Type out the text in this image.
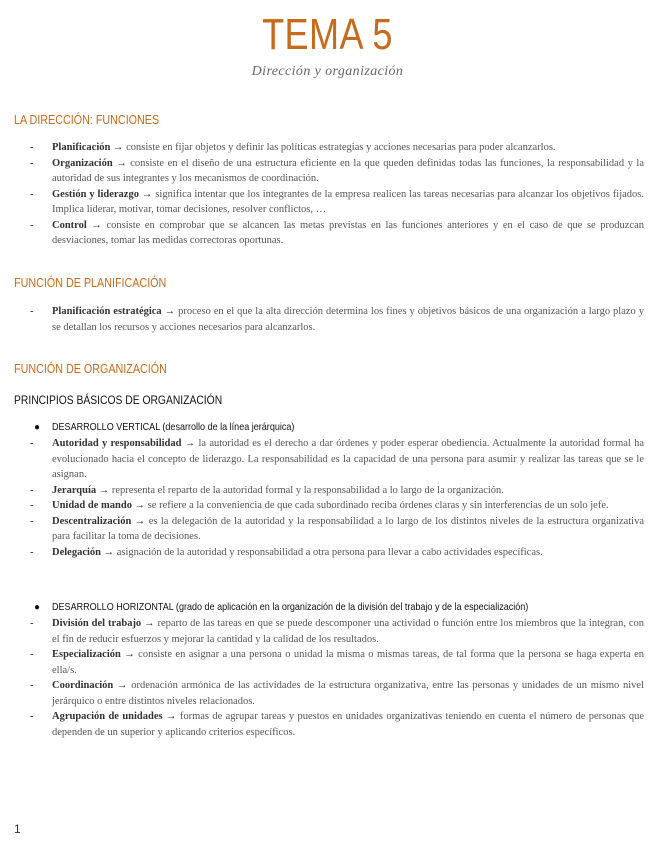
TEMA 5
Dirección y organización
LA DIRECCIÓN: FUNCIONES
- Planificación → consiste en fijar objetos y definir las políticas estrategias y acciones necesarias para poder alcanzarlos.
- Organización → consiste en el diseño de una estructura eficiente en la que queden definidas todas las funciones, la responsabilidad y la autoridad de sus integrantes y los mecanismos de coordinación.
- Gestión y liderazgo → significa intentar que los integrantes de la empresa realicen las tareas necesarias para alcanzar los objetivos fijados. Implica liderar, motivar, tomar decisiones, resolver conflictos, …
- Control → consiste en comprobar que se alcancen las metas previstas en las funciones anteriores y en el caso de que se produzcan desviaciones, tomar las medidas correctoras oportunas.
FUNCIÓN DE PLANIFICACIÓN
- Planificación estratégica → proceso en el que la alta dirección determina los fines y objetivos básicos de una organización a largo plazo y se detallan los recursos y acciones necesarios para alcanzarlos.
FUNCIÓN DE ORGANIZACIÓN
PRINCIPIOS BÁSICOS DE ORGANIZACIÓN
● DESARROLLO VERTICAL (desarrollo de la línea jerárquica)
- Autoridad y responsabilidad → la autoridad es el derecho a dar órdenes y poder esperar obediencia. Actualmente la autoridad formal ha evolucionado hacia el concepto de liderazgo. La responsabilidad es la capacidad de una persona para asumir y realizar las tareas que se le asignan.
- Jerarquía → representa el reparto de la autoridad formal y la responsabilidad a lo largo de la organización.
- Unidad de mando → se refiere a la conveniencia de que cada subordinado reciba órdenes claras y sin interferencias de un solo jefe.
- Descentralización → es la delegación de la autoridad y la responsabilidad a lo largo de los distintos niveles de la estructura organizativa para facilitar la toma de decisiones.
- Delegación → asignación de la autoridad y responsabilidad a otra persona para llevar a cabo actividades específicas.
● DESARROLLO HORIZONTAL (grado de aplicación en la organización de la división del trabajo y de la especialización)
- División del trabajo → reparto de las tareas en que se puede descomponer una actividad o función entre los miembros que la integran, con el fin de reducir esfuerzos y mejorar la cantidad y la calidad de los resultados.
- Especialización → consiste en asignar a una persona o unidad la misma o mismas tareas, de tal forma que la persona se haga experta en ella/s.
- Coordinación → ordenación armónica de las actividades de la estructura organizativa, entre las personas y unidades de un mismo nivel jerárquico o entre distintos niveles relacionados.
- Agrupación de unidades → formas de agrupar tareas y puestos en unidades organizativas teniendo en cuenta el número de personas que dependen de un superior y aplicando criterios específicos.
1
